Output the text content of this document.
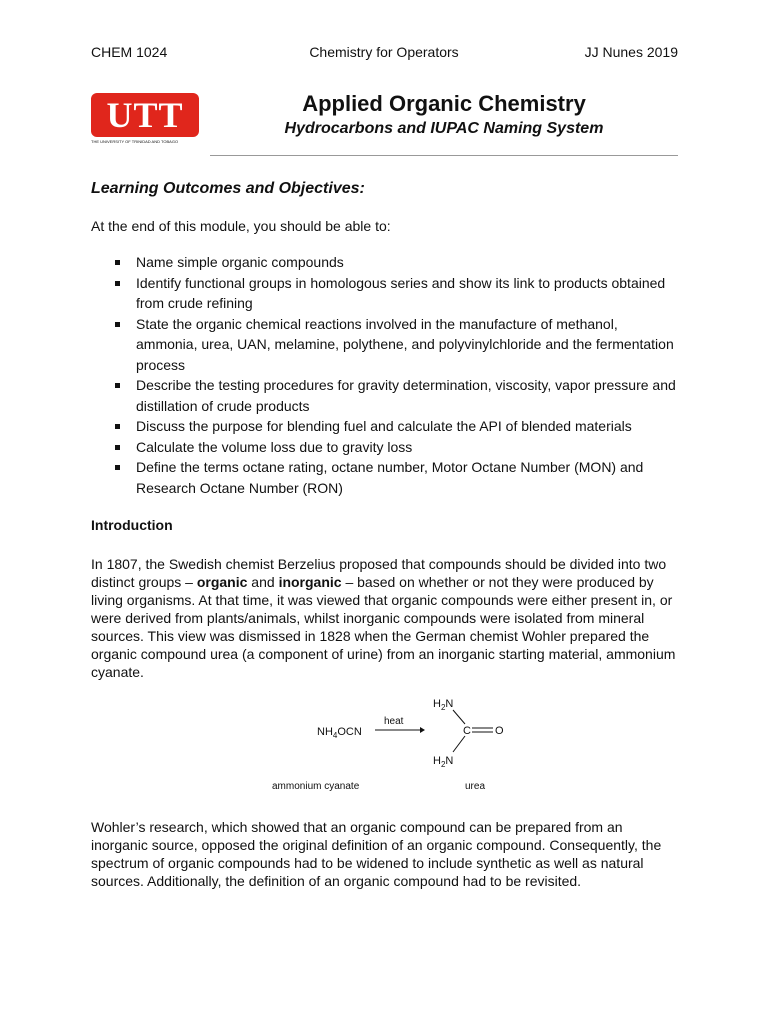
CHEM 1024	Chemistry for Operators	JJ Nunes 2019
UTT
THE UNIVERSITY OF TRINIDAD AND TOBAGO
Applied Organic Chemistry
Hydrocarbons and IUPAC Naming System
Learning Outcomes and Objectives:
At the end of this module, you should be able to:
Name simple organic compounds
Identify functional groups in homologous series and show its link to products obtained from crude refining
State the organic chemical reactions involved in the manufacture of methanol, ammonia, urea, UAN, melamine, polythene, and polyvinylchloride and the fermentation process
Describe the testing procedures for gravity determination, viscosity, vapor pressure and distillation of crude products
Discuss the purpose for blending fuel and calculate the API of blended materials
Calculate the volume loss due to gravity loss
Define the terms octane rating, octane number, Motor Octane Number (MON) and Research Octane Number (RON)
Introduction

In 1807, the Swedish chemist Berzelius proposed that compounds should be divided into two distinct groups – organic and inorganic – based on whether or not they were produced by living organisms. At that time, it was viewed that organic compounds were either present in, or were derived from plants/animals, whilst inorganic compounds were isolated from mineral sources. This view was dismissed in 1828 when the German chemist Wohler prepared the organic compound urea (a component of urine) from an inorganic starting material, ammonium cyanate.

$NH_4OCN$
heat
$H_2N$
C O
$H_2N$
ammonium cyanate	urea

Wohler’s research, which showed that an organic compound can be prepared from an inorganic source, opposed the original definition of an organic compound. Consequently, the spectrum of organic compounds had to be widened to include synthetic as well as natural sources. Additionally, the definition of an organic compound had to be revisited.
